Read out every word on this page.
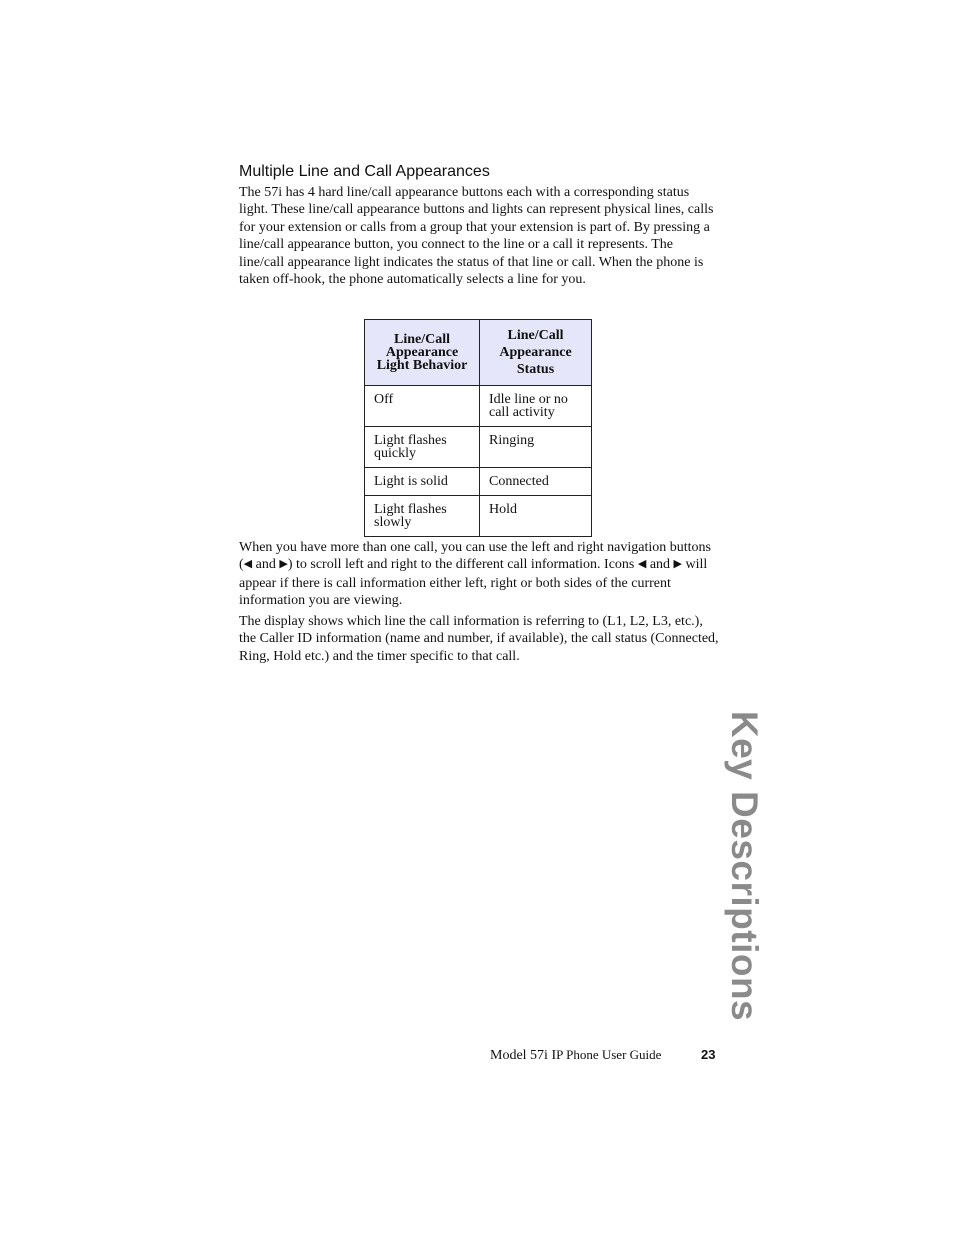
Multiple Line and Call Appearances

The 57i has 4 hard line/call appearance buttons each with a corresponding status light. These line/call appearance buttons and lights can represent physical lines, calls for your extension or calls from a group that your extension is part of. By pressing a line/call appearance button, you connect to the line or a call it represents. The line/call appearance light indicates the status of that line or call. When the phone is taken off-hook, the phone automatically selects a line for you.

Line/Call Appearance Light Behavior	Line/Call Appearance Status
Off	Idle line or no call activity
Light flashes quickly	Ringing
Light is solid	Connected
Light flashes slowly	Hold

When you have more than one call, you can use the left and right navigation buttons (◀ and ▶) to scroll left and right to the different call information. Icons ◀ and ▶ will appear if there is call information either left, right or both sides of the current information you are viewing.

The display shows which line the call information is referring to (L1, L2, L3, etc.), the Caller ID information (name and number, if available), the call status (Connected, Ring, Hold etc.) and the timer specific to that call.

Key Descriptions
Model 57i IP Phone User Guide	23
